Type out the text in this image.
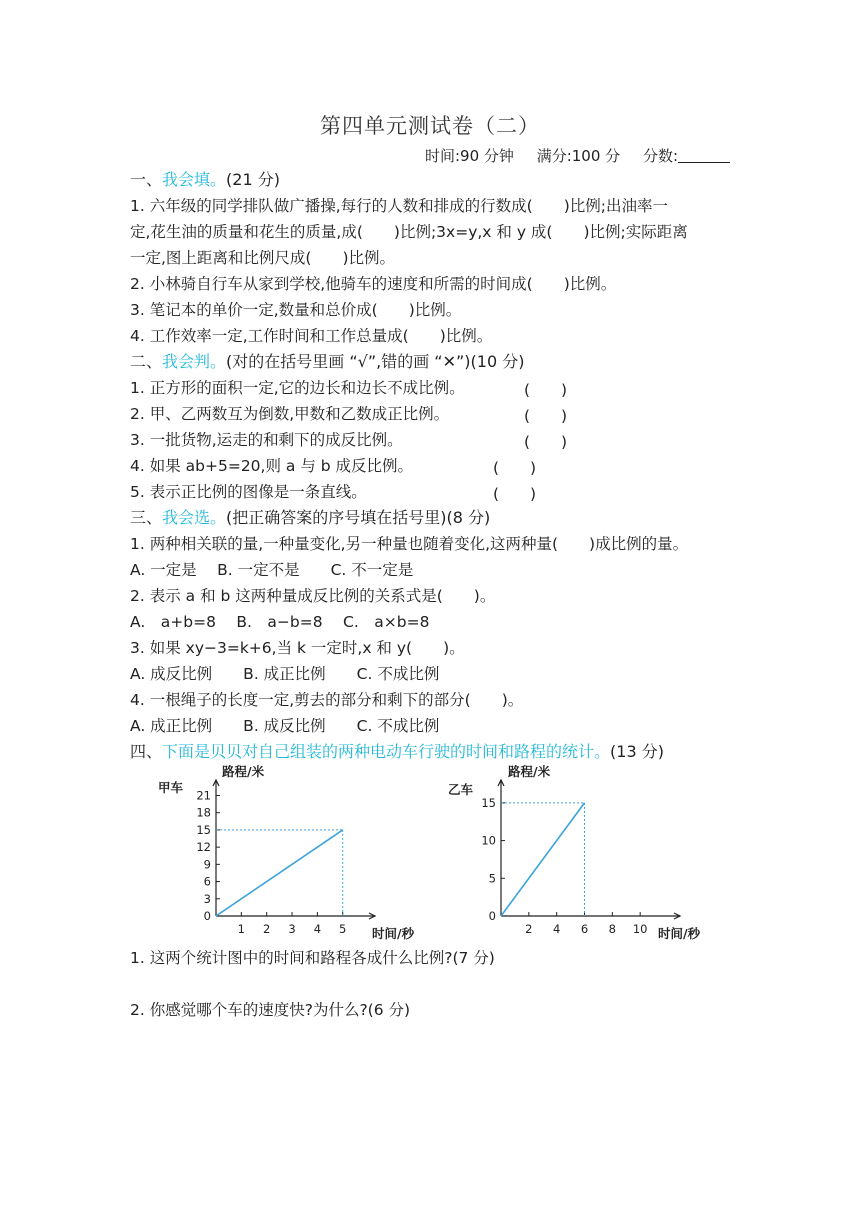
第四单元测试卷（二）
时间:90 分钟 满分:100 分 分数:
一、我会填。(21 分)
1. 六年级的同学排队做广播操,每行的人数和排成的行数成(　　)比例;出油率一
定,花生油的质量和花生的质量,成(　　)比例;3x=y,x 和 y 成(　　)比例;实际距离
一定,图上距离和比例尺成(　　)比例。
2. 小林骑自行车从家到学校,他骑车的速度和所需的时间成(　　)比例。
3. 笔记本的单价一定,数量和总价成(　　)比例。
4. 工作效率一定,工作时间和工作总量成(　　)比例。
二、我会判。(对的在括号里画 “√”,错的画 “✕”)(10 分)
1. 正方形的面积一定,它的边长和边长不成比例。	(　　)
2. 甲、乙两数互为倒数,甲数和乙数成正比例。	(　　)
3. 一批货物,运走的和剩下的成反比例。	(　　)
4. 如果 ab+5=20,则 a 与 b 成反比例。	(　　)
5. 表示正比例的图像是一条直线。	(　　)
三、我会选。(把正确答案的序号填在括号里)(8 分)
1. 两种相关联的量,一种量变化,另一种量也随着变化,这两种量(　　)成比例的量。
A. 一定是　 B. 一定不是　　C. 不一定是
2. 表示 a 和 b 这两种量成反比例的关系式是(　　)。
A.　a+b=8　 B.　a−b=8　 C.　a×b=8
3. 如果 xy−3=k+6,当 k 一定时,x 和 y(　　)。
A. 成反比例　　B. 成正比例　　C. 不成比例
4. 一根绳子的长度一定,剪去的部分和剩下的部分(　　)。
A. 成正比例　　B. 成反比例　　C. 不成比例
四、下面是贝贝对自己组装的两种电动车行驶的时间和路程的统计。(13 分)
0
3
6
9
12
15
18
21
1 2 3 4 5
甲车
路程/米
时间/秒
0
5
10
15
2 4 6 8 10
乙车
路程/米
时间/秒
1. 这两个统计图中的时间和路程各成什么比例?(7 分)
2. 你感觉哪个车的速度快?为什么?(6 分)
